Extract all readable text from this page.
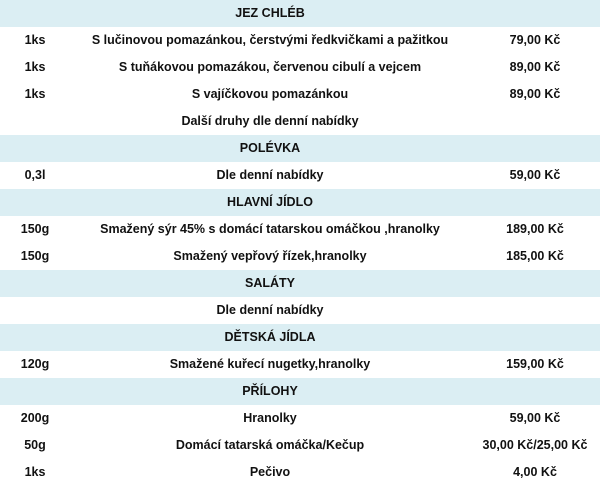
JEZ CHLÉB
1ks	S lučinovou pomazánkou, čerstvými ředkvičkami a pažitkou	79,00 Kč
1ks	S tuňákovou pomazákou, červenou cibulí a vejcem	89,00 Kč
1ks	S vajíčkovou pomazánkou	89,00 Kč
Další druhy dle denní nabídky
POLÉVKA
0,3l	Dle denní nabídky	59,00 Kč
HLAVNÍ JÍDLO
150g	Smažený sýr 45% s domácí tatarskou omáčkou ,hranolky	189,00 Kč
150g	Smažený vepřový řízek,hranolky	185,00 Kč
SALÁTY
Dle denní nabídky
DĚTSKÁ JÍDLA
120g	Smažené kuřecí nugetky,hranolky	159,00 Kč
PŘÍLOHY
200g	Hranolky	59,00 Kč
50g	Domácí tatarská omáčka/Kečup	30,00 Kč/25,00 Kč
1ks	Pečivo	4,00 Kč
